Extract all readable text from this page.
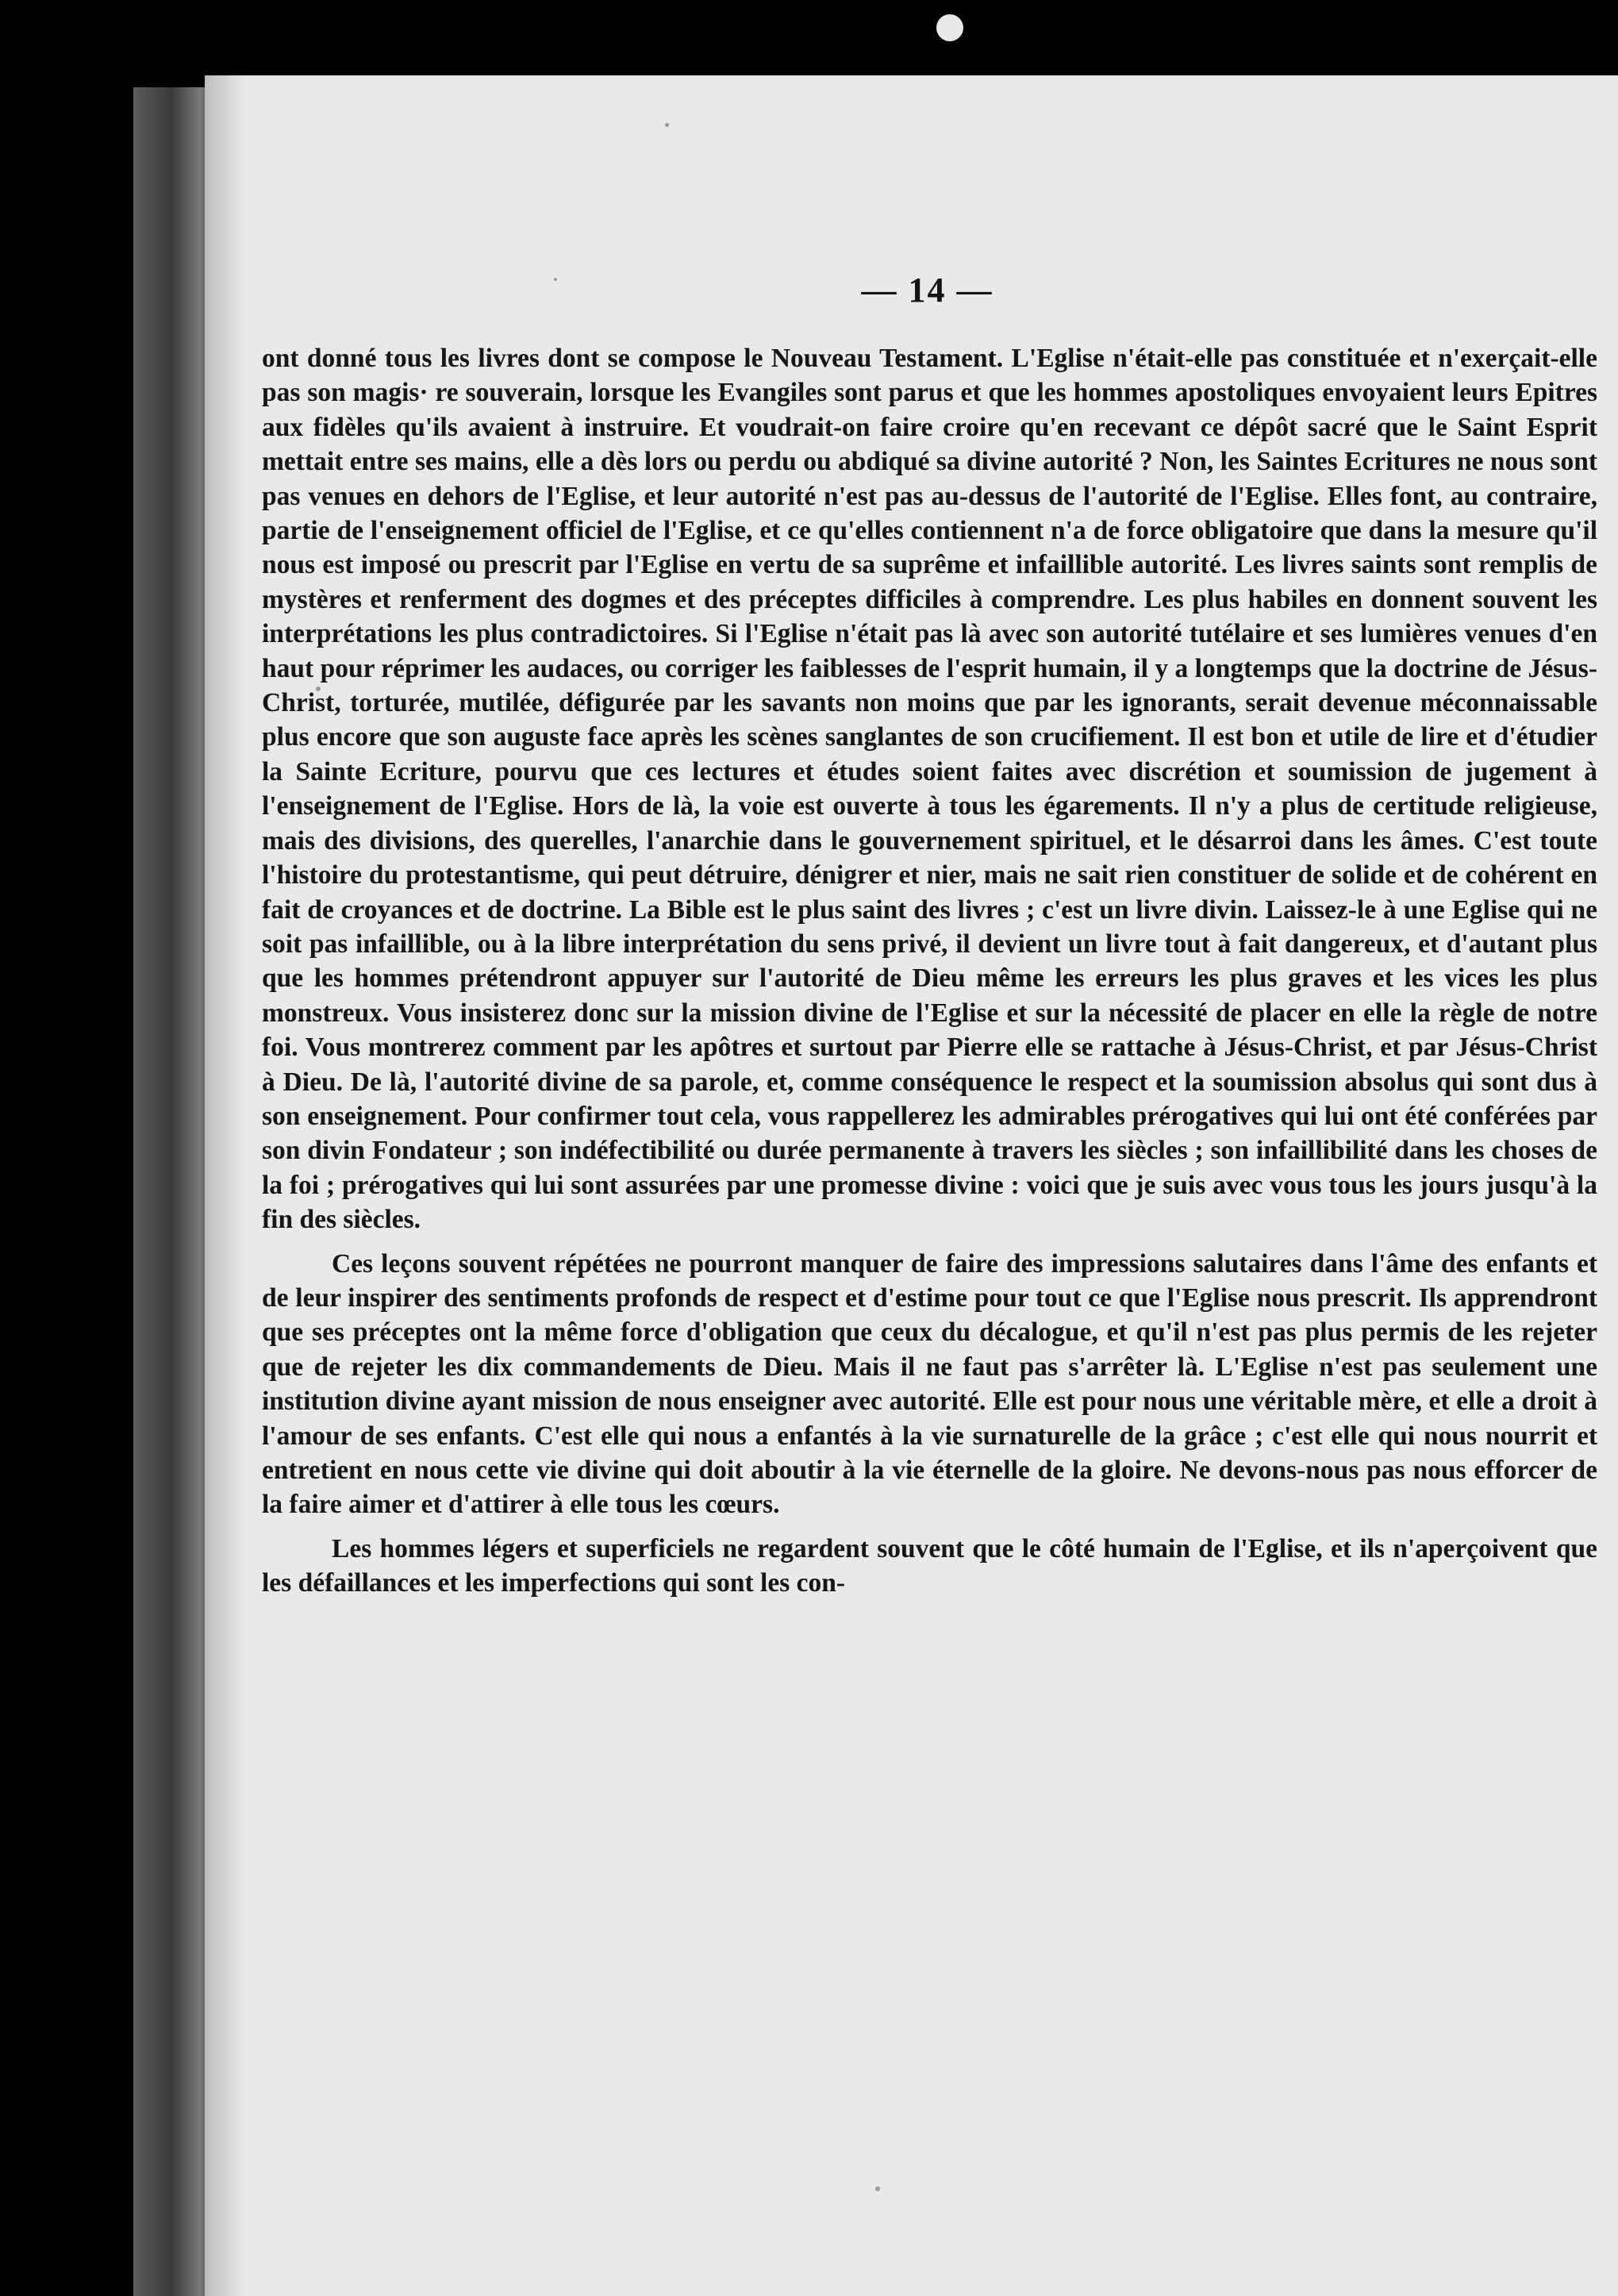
— 14 —

ont donné tous les livres dont se compose le Nouveau Testament. L'Eglise n'était-elle pas constituée et n'exerçait-elle pas son magis· re souverain, lorsque les Evangiles sont parus et que les hommes apostoliques envoyaient leurs Epitres aux fidèles qu'ils avaient à instruire. Et voudrait-on faire croire qu'en recevant ce dépôt sacré que le Saint Esprit mettait entre ses mains, elle a dès lors ou perdu ou abdiqué sa divine autorité ? Non, les Saintes Ecritures ne nous sont pas venues en dehors de l'Eglise, et leur autorité n'est pas au-dessus de l'autorité de l'Eglise. Elles font, au contraire, partie de l'enseignement officiel de l'Eglise, et ce qu'elles contiennent n'a de force obligatoire que dans la mesure qu'il nous est imposé ou prescrit par l'Eglise en vertu de sa suprême et infaillible autorité. Les livres saints sont remplis de mystères et renferment des dogmes et des préceptes difficiles à comprendre. Les plus habiles en donnent souvent les interprétations les plus contradictoires. Si l'Eglise n'était pas là avec son autorité tutélaire et ses lumières venues d'en haut pour réprimer les audaces, ou corriger les faiblesses de l'esprit humain, il y a longtemps que la doctrine de Jésus-Christ, torturée, mutilée, défigurée par les savants non moins que par les ignorants, serait devenue méconnaissable plus encore que son auguste face après les scènes sanglantes de son crucifiement. Il est bon et utile de lire et d'étudier la Sainte Ecriture, pourvu que ces lectures et études soient faites avec discrétion et soumission de jugement à l'enseignement de l'Eglise. Hors de là, la voie est ouverte à tous les égarements. Il n'y a plus de certitude religieuse, mais des divisions, des querelles, l'anarchie dans le gouvernement spirituel, et le désarroi dans les âmes. C'est toute l'histoire du protestantisme, qui peut détruire, dénigrer et nier, mais ne sait rien constituer de solide et de cohérent en fait de croyances et de doctrine. La Bible est le plus saint des livres ; c'est un livre divin. Laissez-le à une Eglise qui ne soit pas infaillible, ou à la libre interprétation du sens privé, il devient un livre tout à fait dangereux, et d'autant plus que les hommes prétendront appuyer sur l'autorité de Dieu même les erreurs les plus graves et les vices les plus monstreux. Vous insisterez donc sur la mission divine de l'Eglise et sur la nécessité de placer en elle la règle de notre foi. Vous montrerez comment par les apôtres et surtout par Pierre elle se rattache à Jésus-Christ, et par Jésus-Christ à Dieu. De là, l'autorité divine de sa parole, et, comme conséquence le respect et la soumission absolus qui sont dus à son enseignement. Pour confirmer tout cela, vous rappellerez les admirables prérogatives qui lui ont été conférées par son divin Fondateur ; son indéfectibilité ou durée permanente à travers les siècles ; son infaillibilité dans les choses de la foi ; prérogatives qui lui sont assurées par une promesse divine : voici que je suis avec vous tous les jours jusqu'à la fin des siècles.

Ces leçons souvent répétées ne pourront manquer de faire des impressions salutaires dans l'âme des enfants et de leur inspirer des sentiments profonds de respect et d'estime pour tout ce que l'Eglise nous prescrit. Ils apprendront que ses préceptes ont la même force d'obligation que ceux du décalogue, et qu'il n'est pas plus permis de les rejeter que de rejeter les dix commandements de Dieu. Mais il ne faut pas s'arrêter là. L'Eglise n'est pas seulement une institution divine ayant mission de nous enseigner avec autorité. Elle est pour nous une véritable mère, et elle a droit à l'amour de ses enfants. C'est elle qui nous a enfantés à la vie surnaturelle de la grâce ; c'est elle qui nous nourrit et entretient en nous cette vie divine qui doit aboutir à la vie éternelle de la gloire. Ne devons-nous pas nous efforcer de la faire aimer et d'attirer à elle tous les cœurs.

Les hommes légers et superficiels ne regardent souvent que le côté humain de l'Eglise, et ils n'aperçoivent que les défaillances et les imperfections qui sont les con-
